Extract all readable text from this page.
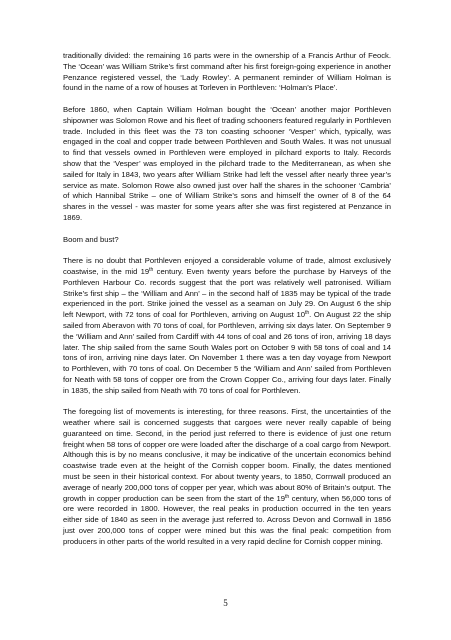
traditionally divided: the remaining 16 parts were in the ownership of a Francis Arthur of Feock. The ‘Ocean’ was William Strike’s first command after his first foreign-going experience in another Penzance registered vessel, the ‘Lady Rowley’. A permanent reminder of William Holman is found in the name of a row of houses at Torleven in Porthleven: ‘Holman’s Place’.

Before 1860, when Captain William Holman bought the ‘Ocean’ another major Porthleven shipowner was Solomon Rowe and his fleet of trading schooners featured regularly in Porthleven trade. Included in this fleet was the 73 ton coasting schooner ‘Vesper’ which, typically, was engaged in the coal and copper trade between Porthleven and South Wales. It was not unusual to find that vessels owned in Porthleven were employed in pilchard exports to Italy. Records show that the ‘Vesper’ was employed in the pilchard trade to the Mediterranean, as when she sailed for Italy in 1843, two years after William Strike had left the vessel after nearly three year’s service as mate. Solomon Rowe also owned just over half the shares in the schooner ‘Cambria’ of which Hannibal Strike – one of William Strike’s sons and himself the owner of 8 of the 64 shares in the vessel - was master for some years after she was first registered at Penzance in 1869.

Boom and bust?

There is no doubt that Porthleven enjoyed a considerable volume of trade, almost exclusively coastwise, in the mid 19th century. Even twenty years before the purchase by Harveys of the Porthleven Harbour Co. records suggest that the port was relatively well patronised. William Strike’s first ship – the ‘William and Ann’ – in the second half of 1835 may be typical of the trade experienced in the port. Strike joined the vessel as a seaman on July 29. On August 6 the ship left Newport, with 72 tons of coal for Porthleven, arriving on August 10th. On August 22 the ship sailed from Aberavon with 70 tons of coal, for Porthleven, arriving six days later. On September 9 the ‘William and Ann’ sailed from Cardiff with 44 tons of coal and 26 tons of iron, arriving 18 days later. The ship sailed from the same South Wales port on October 9 with 58 tons of coal and 14 tons of iron, arriving nine days later. On November 1 there was a ten day voyage from Newport to Porthleven, with 70 tons of coal. On December 5 the ‘William and Ann’ sailed from Porthleven for Neath with 58 tons of copper ore from the Crown Copper Co., arriving four days later. Finally in 1835, the ship sailed from Neath with 70 tons of coal for Porthleven.

The foregoing list of movements is interesting, for three reasons. First, the uncertainties of the weather where sail is concerned suggests that cargoes were never really capable of being guaranteed on time. Second, in the period just referred to there is evidence of just one return freight when 58 tons of copper ore were loaded after the discharge of a coal cargo from Newport. Although this is by no means conclusive, it may be indicative of the uncertain economics behind coastwise trade even at the height of the Cornish copper boom. Finally, the dates mentioned must be seen in their historical context. For about twenty years, to 1850, Cornwall produced an average of nearly 200,000 tons of copper per year, which was about 80% of Britain’s output. The growth in copper production can be seen from the start of the 19th century, when 56,000 tons of ore were recorded in 1800. However, the real peaks in production occurred in the ten years either side of 1840 as seen in the average just referred to. Across Devon and Cornwall in 1856 just over 200,000 tons of copper were mined but this was the final peak: competition from producers in other parts of the world resulted in a very rapid decline for Cornish copper mining.

5
